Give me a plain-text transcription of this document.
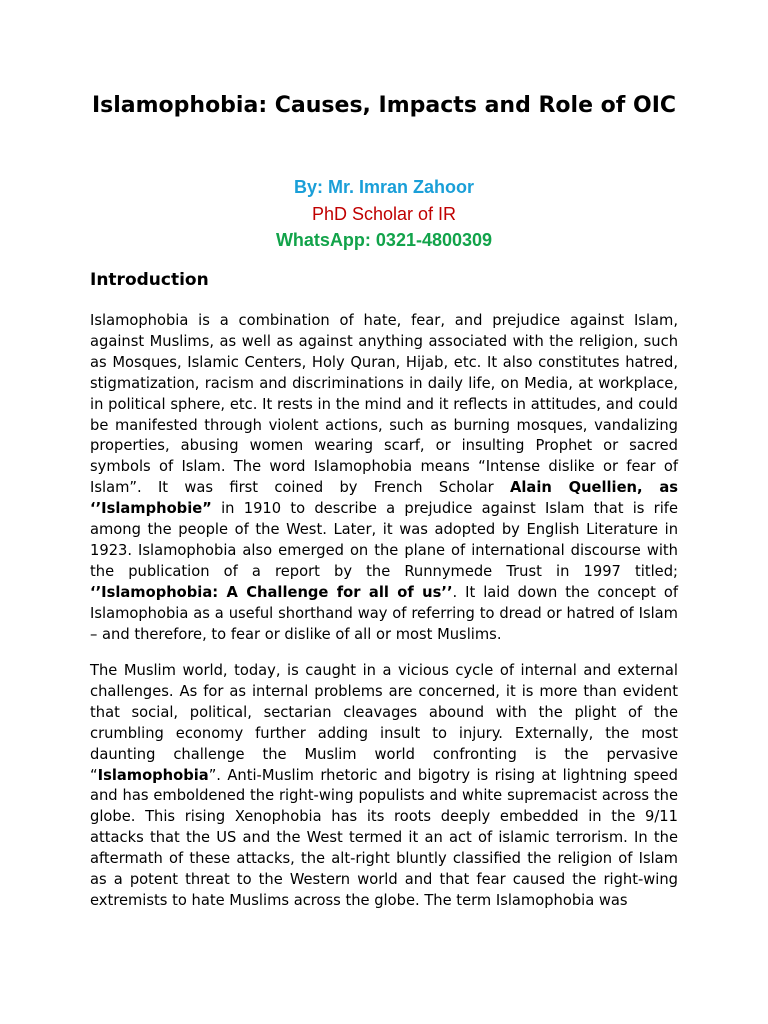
Islamophobia: Causes, Impacts and Role of OIC
By: Mr. Imran Zahoor
PhD Scholar of IR
WhatsApp: 0321-4800309
Introduction

Islamophobia is a combination of hate, fear, and prejudice against Islam, against Muslims, as well as against anything associated with the religion, such as Mosques, Islamic Centers, Holy Quran, Hijab, etc. It also constitutes hatred, stigmatization, racism and discriminations in daily life, on Media, at workplace, in political sphere, etc. It rests in the mind and it reflects in attitudes, and could be manifested through violent actions, such as burning mosques, vandalizing properties, abusing women wearing scarf, or insulting Prophet or sacred symbols of Islam. The word Islamophobia means “Intense dislike or fear of Islam”. It was first coined by French Scholar Alain Quellien, as ‘’Islamphobie” in 1910 to describe a prejudice against Islam that is rife among the people of the West. Later, it was adopted by English Literature in 1923. Islamophobia also emerged on the plane of international discourse with the publication of a report by the Runnymede Trust in 1997 titled; ‘’Islamophobia: A Challenge for all of us’’. It laid down the concept of Islamophobia as a useful shorthand way of referring to dread or hatred of Islam – and therefore, to fear or dislike of all or most Muslims.

The Muslim world, today, is caught in a vicious cycle of internal and external challenges. As for as internal problems are concerned, it is more than evident that social, political, sectarian cleavages abound with the plight of the crumbling economy further adding insult to injury. Externally, the most daunting challenge the Muslim world confronting is the pervasive “Islamophobia”. Anti-Muslim rhetoric and bigotry is rising at lightning speed and has emboldened the right-wing populists and white supremacist across the globe. This rising Xenophobia has its roots deeply embedded in the 9/11 attacks that the US and the West termed it an act of islamic terrorism. In the aftermath of these attacks, the alt-right bluntly classified the religion of Islam as a potent threat to the Western world and that fear caused the right-wing extremists to hate Muslims across the globe. The term Islamophobia was
